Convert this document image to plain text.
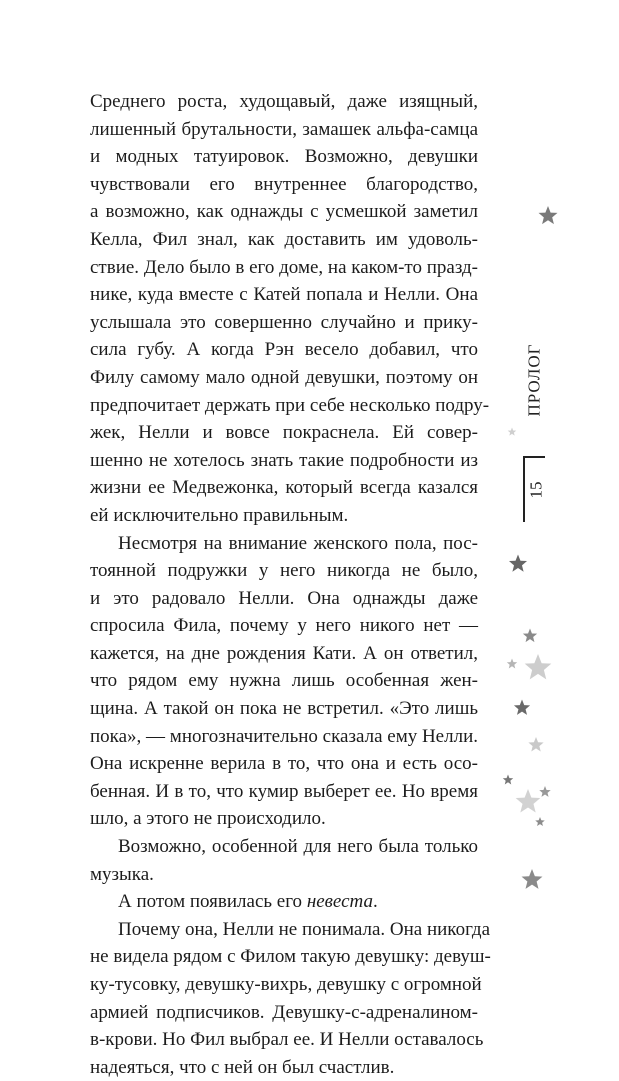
Среднего роста, худощавый, даже изящный,
лишенный брутальности, замашек альфа-самца
и модных татуировок. Возможно, девушки
чувствовали его внутреннее благородство,
а возможно, как однажды с усмешкой заметил
Келла, Фил знал, как доставить им удоволь-
ствие. Дело было в его доме, на каком-то празд-
нике, куда вместе с Катей попала и Нелли. Она
услышала это совершенно случайно и прику-
сила губу. А когда Рэн весело добавил, что
Филу самому мало одной девушки, поэтому он
предпочитает держать при себе несколько подру-
жек, Нелли и вовсе покраснела. Ей совер-
шенно не хотелось знать такие подробности из
жизни ее Медвежонка, который всегда казался
ей исключительно правильным.
Несмотря на внимание женского пола, пос-
тоянной подружки у него никогда не было,
и это радовало Нелли. Она однажды даже
спросила Фила, почему у него никого нет —
кажется, на дне рождения Кати. А он ответил,
что рядом ему нужна лишь особенная жен-
щина. А такой он пока не встретил. «Это лишь
пока», — многозначительно сказала ему Нелли.
Она искренне верила в то, что она и есть осо-
бенная. И в то, что кумир выберет ее. Но время
шло, а этого не происходило.
Возможно, особенной для него была только
музыка.
А потом появилась его невеста.
Почему она, Нелли не понимала. Она никогда
не видела рядом с Филом такую девушку: девуш-
ку-тусовку, девушку-вихрь, девушку с огромной
армией подписчиков. Девушку-с-адреналином-
в-крови. Но Фил выбрал ее. И Нелли оставалось
надеяться, что с ней он был счастлив.
ПРОЛОГ
15
